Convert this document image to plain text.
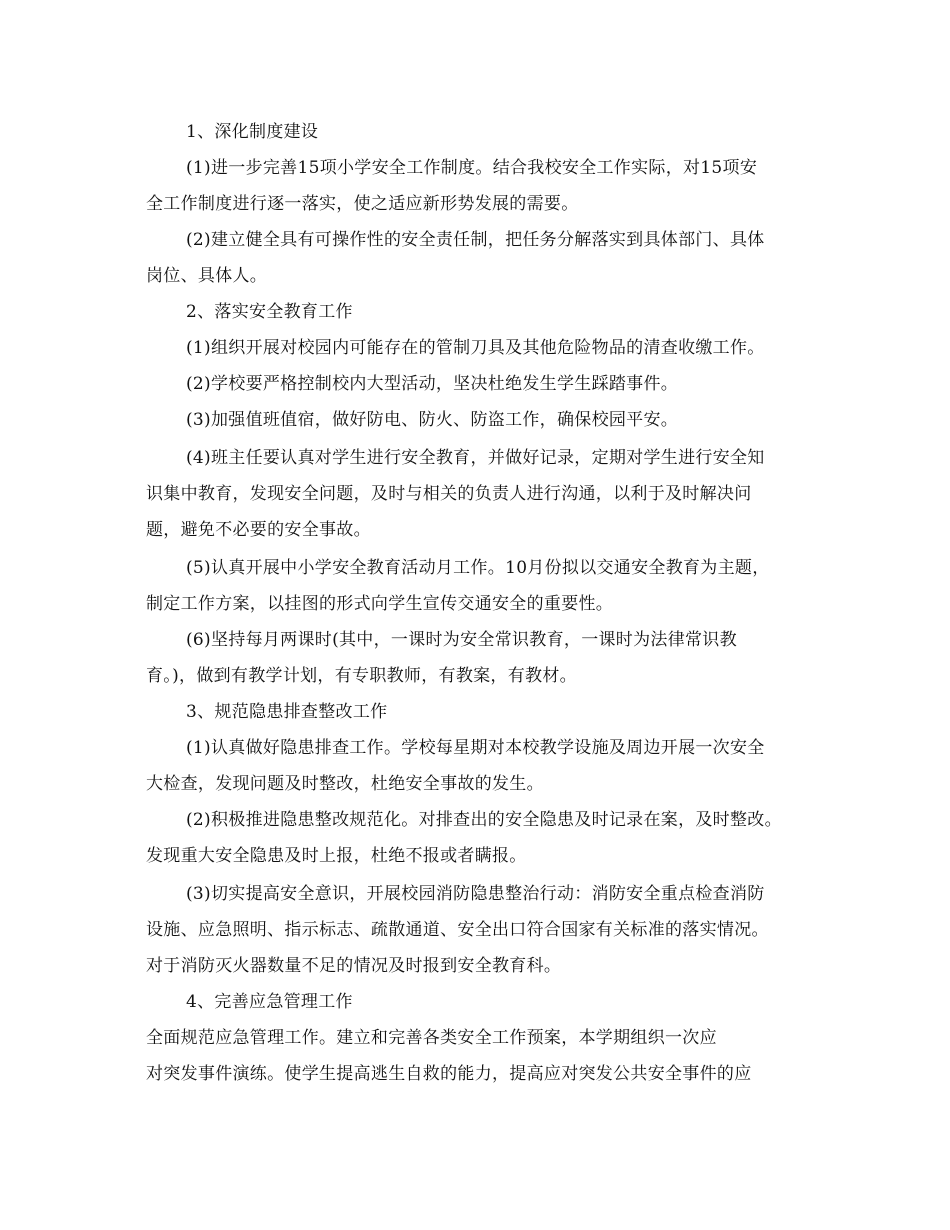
1、深化制度建设

(1)进一步完善15项小学安全工作制度。结合我校安全工作实际，对15项安

全工作制度进行逐一落实，使之适应新形势发展的需要。

(2)建立健全具有可操作性的安全责任制，把任务分解落实到具体部门、具体

岗位、具体人。

2、落实安全教育工作

(1)组织开展对校园内可能存在的管制刀具及其他危险物品的清查收缴工作。

(2)学校要严格控制校内大型活动，坚决杜绝发生学生踩踏事件。

(3)加强值班值宿，做好防电、防火、防盗工作，确保校园平安。

(4)班主任要认真对学生进行安全教育，并做好记录，定期对学生进行安全知

识集中教育，发现安全问题，及时与相关的负责人进行沟通，以利于及时解决问

题，避免不必要的安全事故。

(5)认真开展中小学安全教育活动月工作。10月份拟以交通安全教育为主题，

制定工作方案，以挂图的形式向学生宣传交通安全的重要性。

(6)坚持每月两课时(其中，一课时为安全常识教育，一课时为法律常识教

育。)，做到有教学计划，有专职教师，有教案，有教材。

3、规范隐患排查整改工作

(1)认真做好隐患排查工作。学校每星期对本校教学设施及周边开展一次安全

大检查，发现问题及时整改，杜绝安全事故的发生。

(2)积极推进隐患整改规范化。对排查出的安全隐患及时记录在案，及时整改。

发现重大安全隐患及时上报，杜绝不报或者瞒报。

(3)切实提高安全意识，开展校园消防隐患整治行动：消防安全重点检查消防

设施、应急照明、指示标志、疏散通道、安全出口符合国家有关标准的落实情况。

对于消防灭火器数量不足的情况及时报到安全教育科。

4、完善应急管理工作

全面规范应急管理工作。建立和完善各类安全工作预案，本学期组织一次应

对突发事件演练。使学生提高逃生自救的能力，提高应对突发公共安全事件的应
